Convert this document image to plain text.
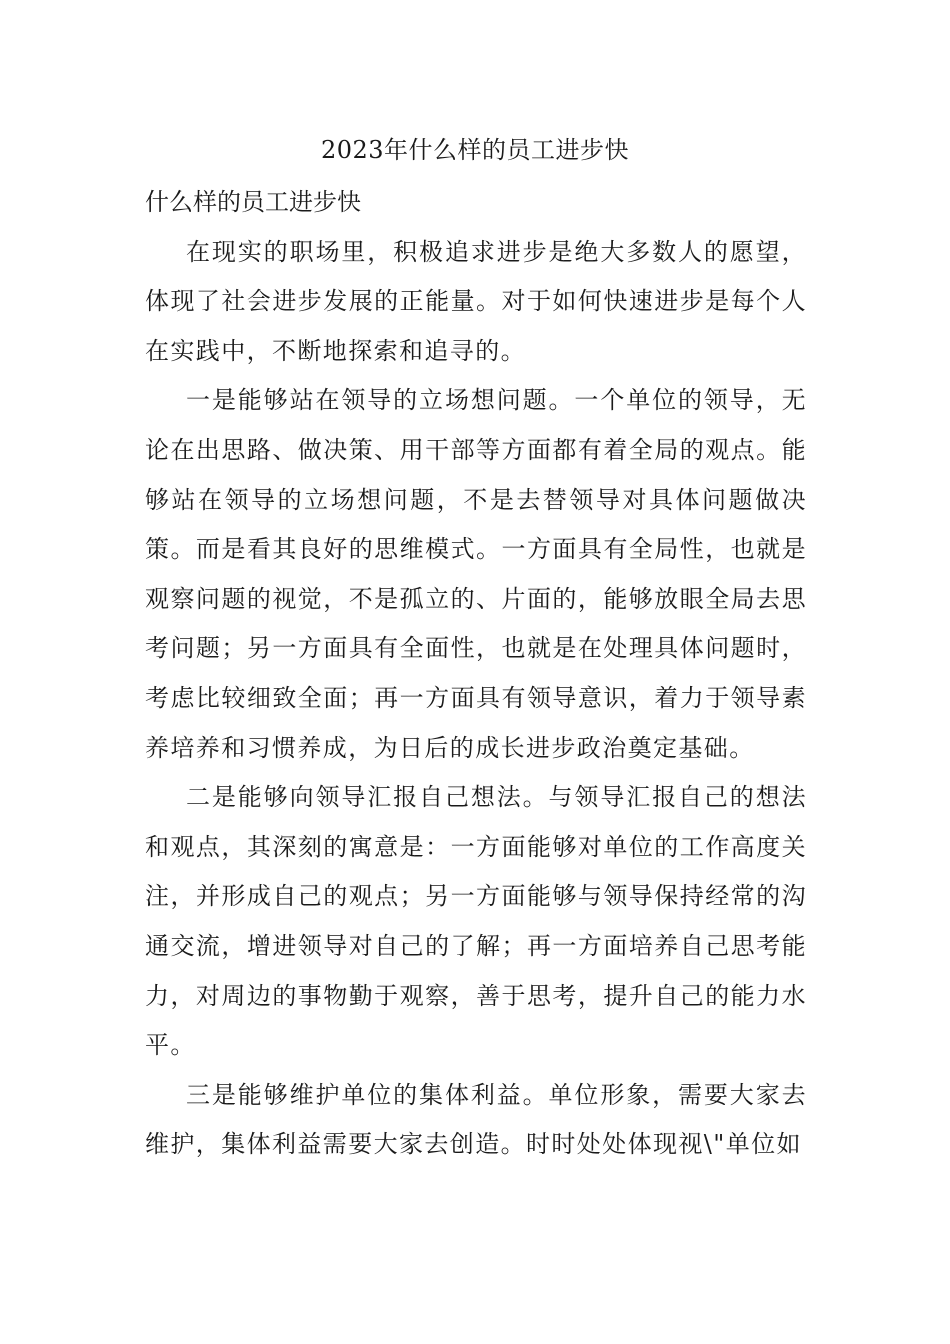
2023年什么样的员工进步快

什么样的员工进步快

在现实的职场里，积极追求进步是绝大多数人的愿望，体现了社会进步发展的正能量。对于如何快速进步是每个人在实践中，不断地探索和追寻的。

一是能够站在领导的立场想问题。一个单位的领导，无论在出思路、做决策、用干部等方面都有着全局的观点。能够站在领导的立场想问题，不是去替领导对具体问题做决策。而是看其良好的思维模式。一方面具有全局性，也就是观察问题的视觉，不是孤立的、片面的，能够放眼全局去思考问题；另一方面具有全面性，也就是在处理具体问题时，考虑比较细致全面；再一方面具有领导意识，着力于领导素养培养和习惯养成，为日后的成长进步政治奠定基础。

二是能够向领导汇报自己想法。与领导汇报自己的想法和观点，其深刻的寓意是：一方面能够对单位的工作高度关注，并形成自己的观点；另一方面能够与领导保持经常的沟通交流，增进领导对自己的了解；再一方面培养自己思考能力，对周边的事物勤于观察，善于思考，提升自己的能力水平。

三是能够维护单位的集体利益。单位形象，需要大家去维护，集体利益需要大家去创造。时时处处体现视\"单位如
